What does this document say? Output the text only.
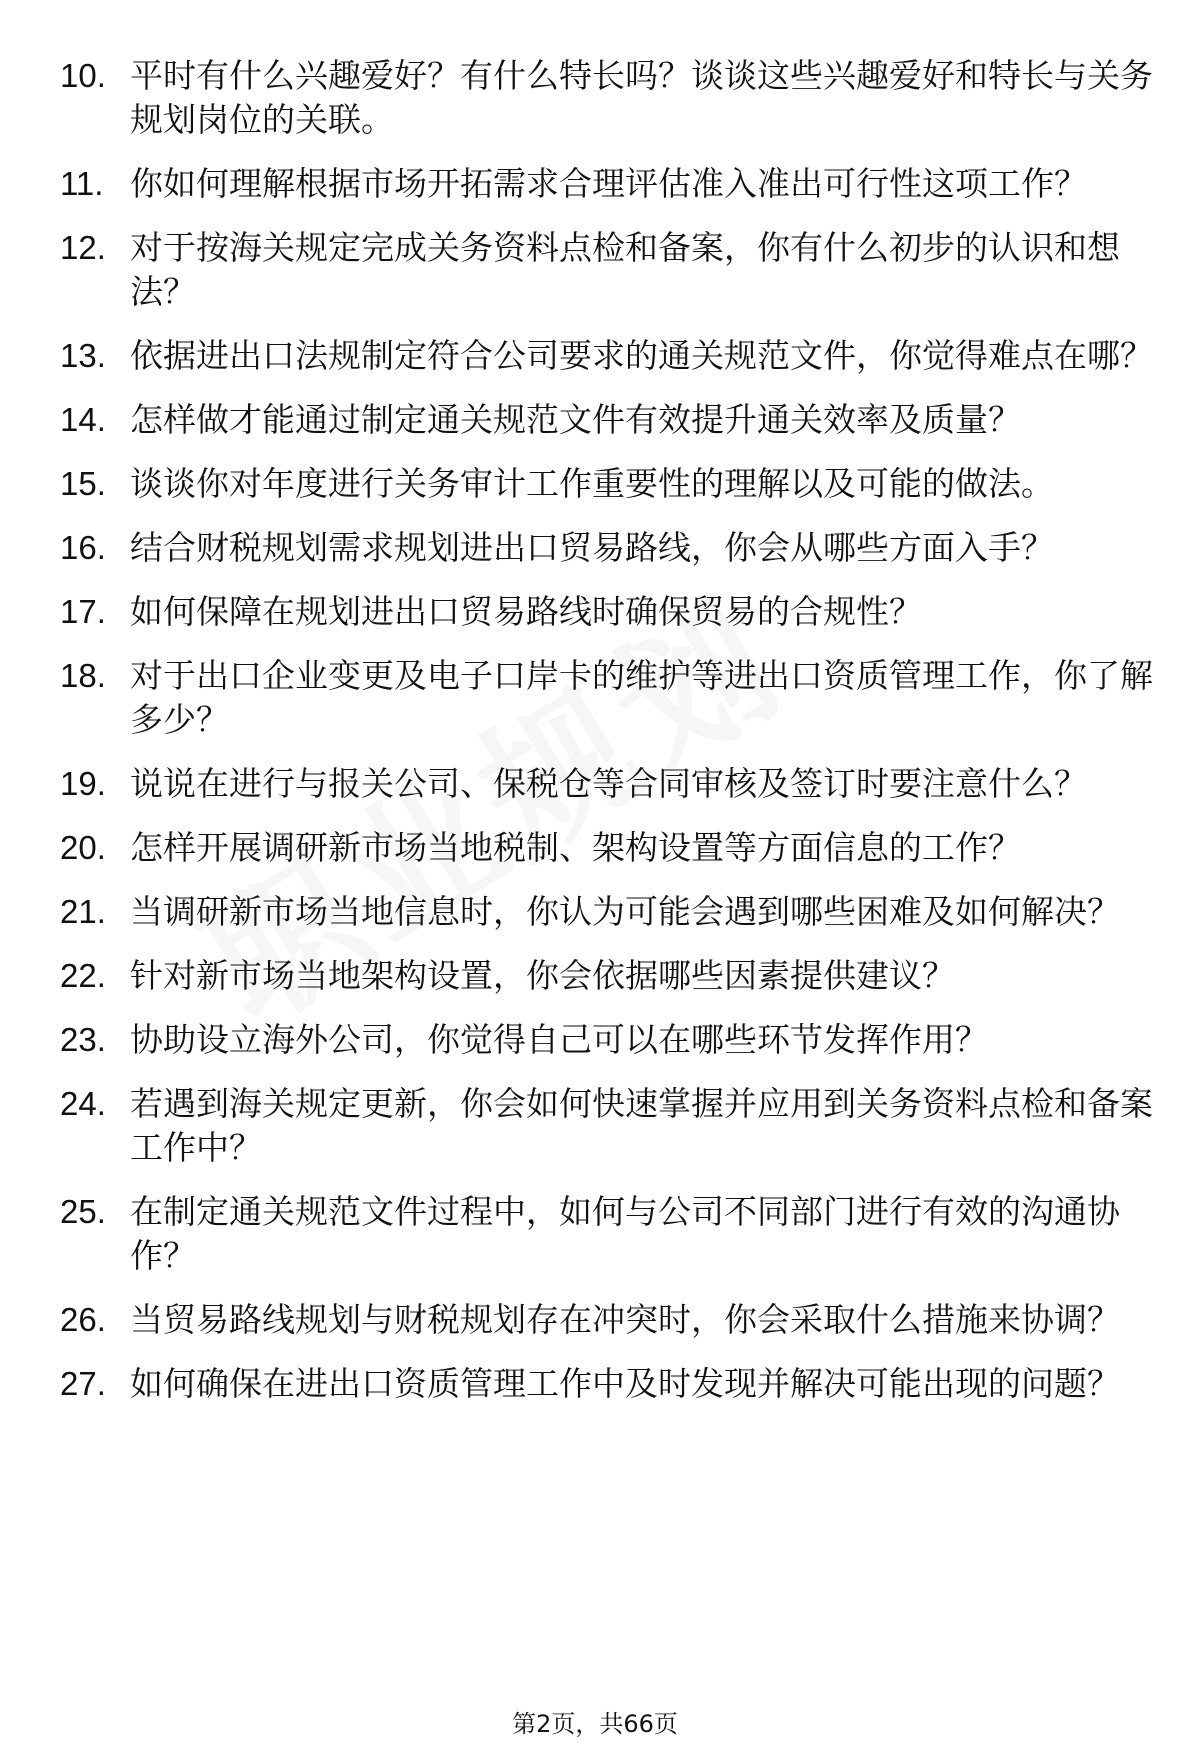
10. 平时有什么兴趣爱好？有什么特长吗？谈谈这些兴趣爱好和特长与关务规划岗位的关联。
11. 你如何理解根据市场开拓需求合理评估准入准出可行性这项工作？
12. 对于按海关规定完成关务资料点检和备案，你有什么初步的认识和想法？
13. 依据进出口法规制定符合公司要求的通关规范文件，你觉得难点在哪？
14. 怎样做才能通过制定通关规范文件有效提升通关效率及质量？
15. 谈谈你对年度进行关务审计工作重要性的理解以及可能的做法。
16. 结合财税规划需求规划进出口贸易路线，你会从哪些方面入手？
17. 如何保障在规划进出口贸易路线时确保贸易的合规性？
18. 对于出口企业变更及电子口岸卡的维护等进出口资质管理工作，你了解多少？
19. 说说在进行与报关公司、保税仓等合同审核及签订时要注意什么？
20. 怎样开展调研新市场当地税制、架构设置等方面信息的工作？
21. 当调研新市场当地信息时，你认为可能会遇到哪些困难及如何解决？
22. 针对新市场当地架构设置，你会依据哪些因素提供建议？
23. 协助设立海外公司，你觉得自己可以在哪些环节发挥作用？
24. 若遇到海关规定更新，你会如何快速掌握并应用到关务资料点检和备案工作中？
25. 在制定通关规范文件过程中，如何与公司不同部门进行有效的沟通协作？
26. 当贸易路线规划与财税规划存在冲突时，你会采取什么措施来协调？
27. 如何确保在进出口资质管理工作中及时发现并解决可能出现的问题？
第2页，共66页
